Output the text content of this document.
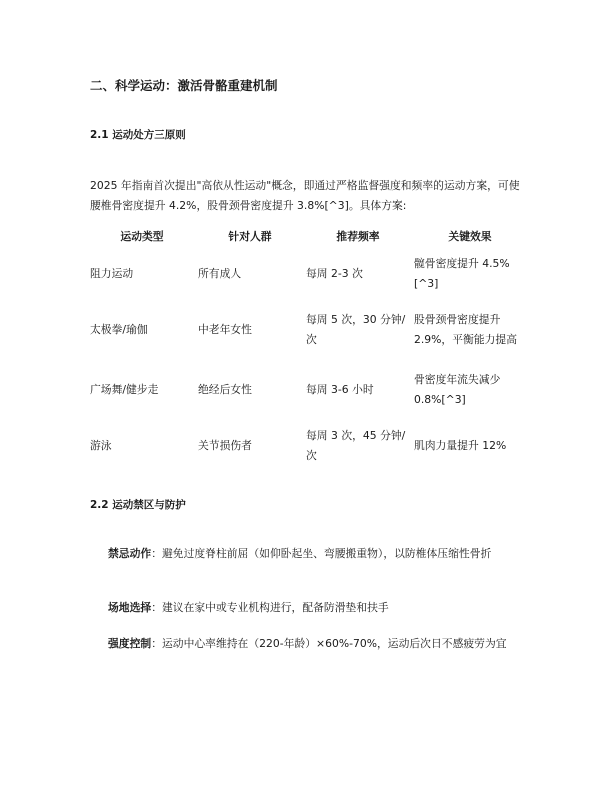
二、科学运动：激活骨骼重建机制
2.1 运动处方三原则

2025 年指南首次提出"高依从性运动"概念，即通过严格监督强度和频率的运动方案，可使腰椎骨密度提升 4.2%，股骨颈骨密度提升 3.8%[^3]。具体方案:

运动类型	针对人群	推荐频率	关键效果
阻力运动	所有成人	每周 2-3 次	髋骨密度提升 4.5%[^3]
太极拳/瑜伽	中老年女性	每周 5 次，30 分钟/次	股骨颈骨密度提升 2.9%，平衡能力提高
广场舞/健步走	绝经后女性	每周 3-6 小时	骨密度年流失减少 0.8%[^3]
游泳	关节损伤者	每周 3 次，45 分钟/次	肌肉力量提升 12%
2.2 运动禁区与防护

禁忌动作：避免过度脊柱前屈（如仰卧起坐、弯腰搬重物），以防椎体压缩性骨折

场地选择：建议在家中或专业机构进行，配备防滑垫和扶手

强度控制：运动中心率维持在（220-年龄）×60%-70%，运动后次日不感疲劳为宜
